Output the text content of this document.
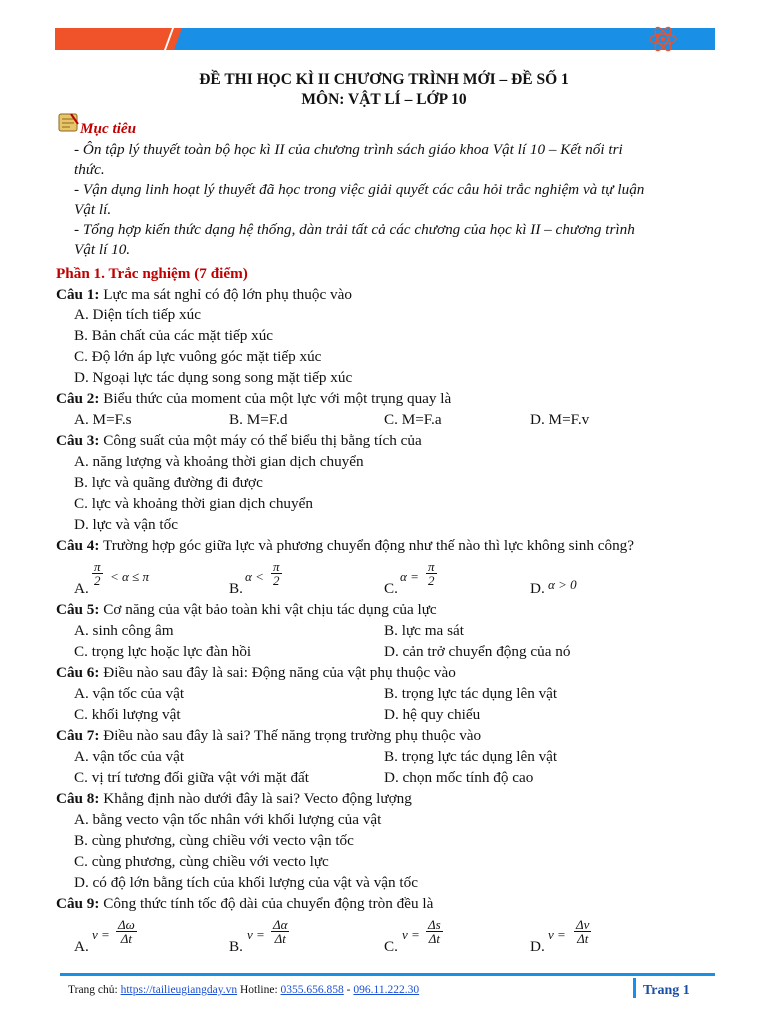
ĐỀ THI HỌC KÌ II CHƯƠNG TRÌNH MỚI – ĐỀ SỐ 1
MÔN: VẬT LÍ – LỚP 10
Mục tiêu
- Ôn tập lý thuyết toàn bộ học kì II của chương trình sách giáo khoa Vật lí 10 – Kết nối tri
thức.
- Vận dụng linh hoạt lý thuyết đã học trong việc giải quyết các câu hỏi trắc nghiệm và tự luận
Vật lí.
- Tổng hợp kiến thức dạng hệ thống, dàn trải tất cả các chương của học kì II – chương trình
Vật lí 10.
Phần 1. Trắc nghiệm (7 điểm)
Câu 1: Lực ma sát nghỉ có độ lớn phụ thuộc vào
A. Diện tích tiếp xúc
B. Bản chất của các mặt tiếp xúc
C. Độ lớn áp lực vuông góc mặt tiếp xúc
D. Ngoại lực tác dụng song song mặt tiếp xúc
Câu 2: Biểu thức của moment của một lực với một trụng quay là
A. M=F.s	B. M=F.d	C. M=F.a	D. M=F.v
Câu 3: Công suất của một máy có thể biểu thị bằng tích của
A. năng lượng và khoảng thời gian dịch chuyển
B. lực và quãng đường đi được
C. lực và khoảng thời gian dịch chuyển
D. lực và vận tốc
Câu 4: Trường hợp góc giữa lực và phương chuyển động như thế nào thì lực không sinh công?
A.
$\frac{\pi}{2} < \alpha \le \pi$
B.
$\alpha < \frac{\pi}{2}$
C.
$\alpha = \frac{\pi}{2}$
D. α > 0
Câu 5: Cơ năng của vật bảo toàn khi vật chịu tác dụng của lực
A. sinh công âm	B. lực ma sát
C. trọng lực hoặc lực đàn hồi	D. cản trở chuyển động của nó
Câu 6: Điều nào sau đây là sai: Động năng của vật phụ thuộc vào
A. vận tốc của vật	B. trọng lực tác dụng lên vật
C. khối lượng vật	D. hệ quy chiếu
Câu 7: Điều nào sau đây là sai? Thế năng trọng trường phụ thuộc vào
A. vận tốc của vật	B. trọng lực tác dụng lên vật
C. vị trí tương đối giữa vật với mặt đất	D. chọn mốc tính độ cao
Câu 8: Khẳng định nào dưới đây là sai? Vecto động lượng
A. bằng vecto vận tốc nhân với khối lượng của vật
B. cùng phương, cùng chiều với vecto vận tốc
C. cùng phương, cùng chiều với vecto lực
D. có độ lớn bằng tích của khối lượng của vật và vận tốc
Câu 9: Công thức tính tốc độ dài của chuyển động tròn đều là
A.
$v = \frac{\Delta\omega}{\Delta t}$
B.
$v = \frac{\Delta\alpha}{\Delta t}$
C.
$v = \frac{\Delta s}{\Delta t}$
D.
$v = \frac{\Delta v}{\Delta t}$
Trang chủ: https://tailieugiangday.vn Hotline: 0355.656.858 - 096.11.222.30	Trang 1
